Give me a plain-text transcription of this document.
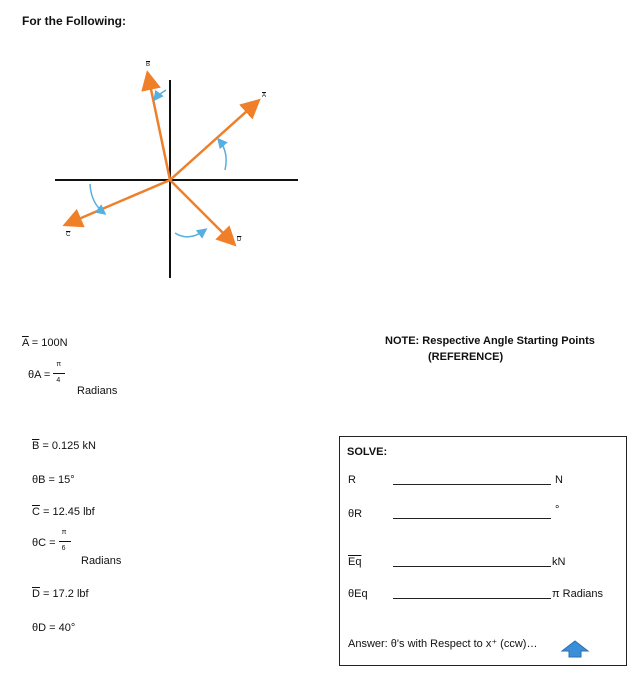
For the Following:
$\overline{A}$
$\overline{B}$
$\overline{C}$
$\overline{D}$
$\overline{A} = 100N$
$\theta A = \frac{\pi}{4}$
Radians
$\overline{B} = 0.125$ kN
θB = 15°
$\overline{C} = 12.45$ lbf
$\theta C = \frac{\pi}{6}$
Radians
$\overline{D} = 17.2$ lbf
θD = 40°
NOTE: Respective Angle Starting Points
(REFERENCE)
SOLVE:
R	N
θR	°
$\overline{Eq}$	kN
θEq	π Radians
Answer: θ's with Respect to x⁺ (ccw)…
